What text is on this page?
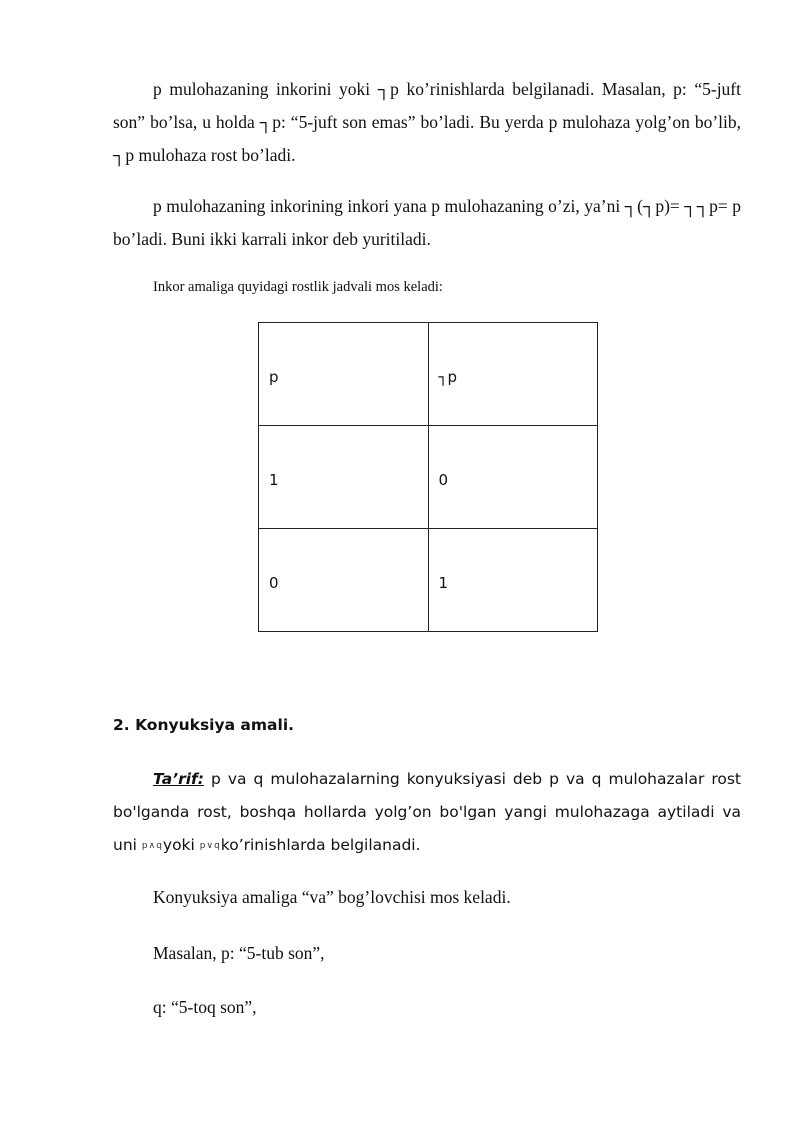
p mulohazaning inkorini yoki ┐p ko’rinishlarda belgilanadi. Masalan, p: “5-juft son” bo’lsa, u holda ┐p: “5-juft son emas” bo’ladi. Bu yerda p mulohaza yolg’on bo’lib, ┐p mulohaza rost bo’ladi.

p mulohazaning inkorining inkori yana p mulohazaning o’zi, ya’ni ┐(┐p)= ┐┐p= p bo’ladi. Buni ikki karrali inkor deb yuritiladi.

Inkor amaliga quyidagi rostlik jadvali mos keladi:

p	┐p
1	0
0	1

2. Konyuksiya amali.

Ta’rif: p va q mulohazalarning konyuksiyasi deb p va q mulohazalar rost bo'lganda rost, boshqa hollarda yolg’on bo'lgan yangi mulohazaga aytiladi va uni p∧qyoki p∨qko’rinishlarda belgilanadi.

Konyuksiya amaliga “va” bog’lovchisi mos keladi.

Masalan, p: “5-tub son”,

q: “5-toq son”,
